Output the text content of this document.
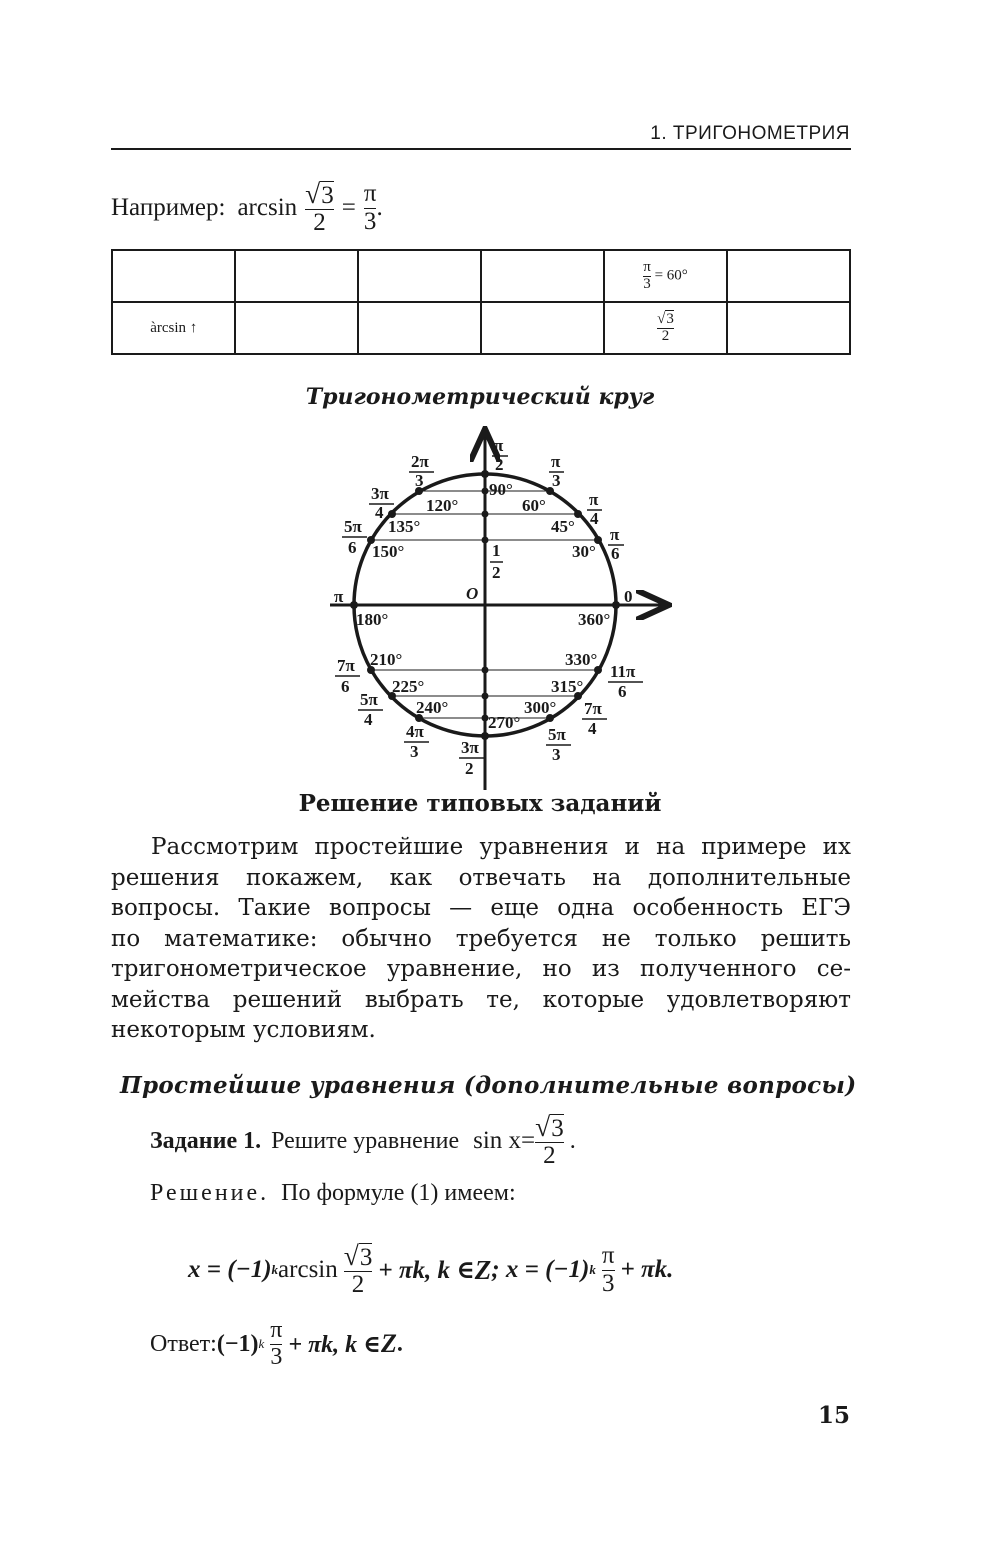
1. ТРИГОНОМЕТРИЯ
Например: $\arcsin \frac{√3}{2} = \frac{\pi}{3}$ .

				$\frac{\pi}{3} = 60^\circ$	
àrcsin ↑				$\frac{√3}{2}$

Тригонометрический круг
90°
60°
45°
30°
120°
135°
150°
180°	360°
210°
225°
240°
270°
300°
315°
330°
O	0
π
1
2
π
2	π
3
π
4
π
6
2π
3
3π
4
5π
6
7π
6
5π
4
4π
3	3π
2
5π
3
7π
4
11π
6
Решение типовых заданий
Рассмотрим простейшие уравнения и на примере их
решения покажем, как отвечать на дополнительные
вопросы. Такие вопросы — еще одна особенность ЕГЭ
по математике: обычно требуется не только решить
тригонометрическое уравнение, но из полученного се-
мейства решений выбрать те, которые удовлетворяют
некоторым условиям.
Простейшие уравнения (дополнительные вопросы)
Задание 1. Решите уравнение $\sin x= \frac{√3}{2}$ .
Решение. По формуле (1) имеем:
x = (−1) k $\arcsin \frac{√3}{2} + \pi k$, k ∈ Z ; x = (−1) k $\frac{\pi}{3} + \pi k$.
Ответ: (−1) k $\frac{\pi}{3} + \pi k$, k ∈ Z .
15
